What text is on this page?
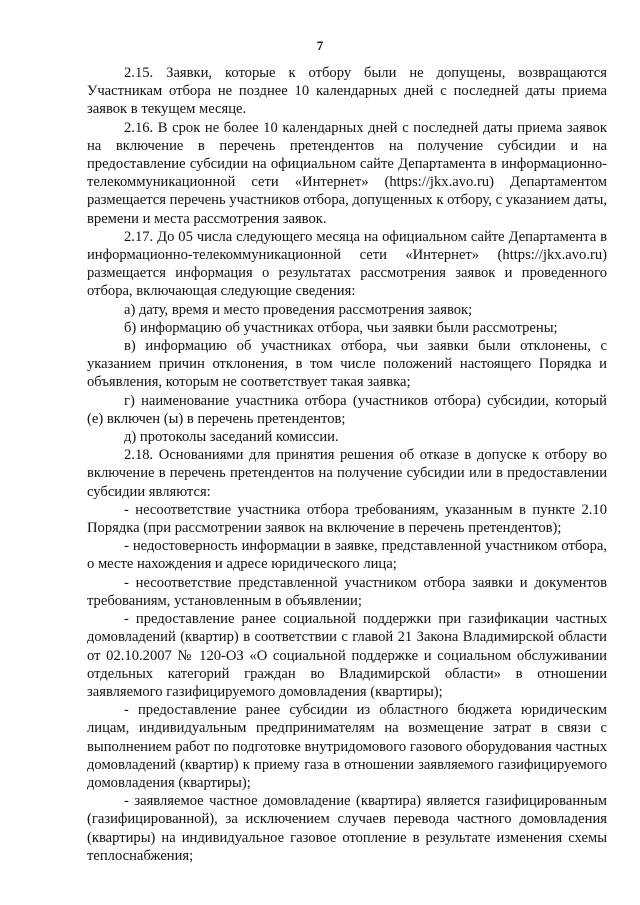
7

2.15. Заявки, которые к отбору были не допущены, возвращаются Участникам отбора не позднее 10 календарных дней с последней даты приема заявок в текущем месяце.

2.16. В срок не более 10 календарных дней с последней даты приема заявок на включение в перечень претендентов на получение субсидии и на предоставление субсидии на официальном сайте Департамента в информационно-телекоммуникационной сети «Интернет» (https://jkx.avo.ru) Департаментом размещается перечень участников отбора, допущенных к отбору, с указанием даты, времени и места рассмотрения заявок.

2.17. До 05 числа следующего месяца на официальном сайте Департамента в информационно-телекоммуникационной сети «Интернет» (https://jkx.avo.ru) размещается информация о результатах рассмотрения заявок и проведенного отбора, включающая следующие сведения:

а) дату, время и место проведения рассмотрения заявок;

б) информацию об участниках отбора, чьи заявки были рассмотрены;

в) информацию об участниках отбора, чьи заявки были отклонены, с указанием причин отклонения, в том числе положений настоящего Порядка и объявления, которым не соответствует такая заявка;

г) наименование участника отбора (участников отбора) субсидии, который (е) включен (ы) в перечень претендентов;

д) протоколы заседаний комиссии.

2.18. Основаниями для принятия решения об отказе в допуске к отбору во включение в перечень претендентов на получение субсидии или в предоставлении субсидии являются:

- несоответствие участника отбора требованиям, указанным в пункте 2.10 Порядка (при рассмотрении заявок на включение в перечень претендентов);

- недостоверность информации в заявке, представленной участником отбора, о месте нахождения и адресе юридического лица;

- несоответствие представленной участником отбора заявки и документов требованиям, установленным в объявлении;

- предоставление ранее социальной поддержки при газификации частных домовладений (квартир) в соответствии с главой 21 Закона Владимирской области от 02.10.2007 № 120-ОЗ «О социальной поддержке и социальном обслуживании отдельных категорий граждан во Владимирской области» в отношении заявляемого газифицируемого домовладения (квартиры);

- предоставление ранее субсидии из областного бюджета юридическим лицам, индивидуальным предпринимателям на возмещение затрат в связи с выполнением работ по подготовке внутридомового газового оборудования частных домовладений (квартир) к приему газа в отношении заявляемого газифицируемого домовладения (квартиры);

- заявляемое частное домовладение (квартира) является газифицированным (газифицированной), за исключением случаев перевода частного домовладения (квартиры) на индивидуальное газовое отопление в результате изменения схемы теплоснабжения;
